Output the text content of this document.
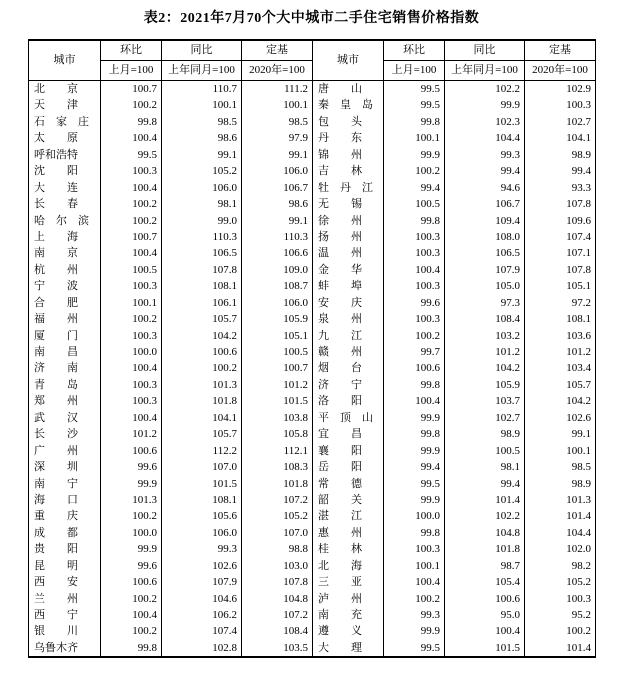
表2：2021年7月70个大中城市二手住宅销售价格指数
城市	环比	同比	定基	城市	环比	同比	定基
	上月=100	上年同月=100	2020年=100		上月=100	上年同月=100	2020年=100
北　　京	100.7	110.7	111.2	唐　　山	99.5	102.2	102.9
天　　津	100.2	100.1	100.1	秦　皇　岛	99.5	99.9	100.3
石　家　庄	99.8	98.5	98.5	包　　头	99.8	102.3	102.7
太　　原	100.4	98.6	97.9	丹　　东	100.1	104.4	104.1
呼和浩特	99.5	99.1	99.1	锦　　州	99.9	99.3	98.9
沈　　阳	100.3	105.2	106.0	吉　　林	100.2	99.4	99.4
大　　连	100.4	106.0	106.7	牡　丹　江	99.4	94.6	93.3
长　　春	100.2	98.1	98.6	无　　锡	100.5	106.7	107.8
哈　尔　滨	100.2	99.0	99.1	徐　　州	99.8	109.4	109.6
上　　海	100.7	110.3	110.3	扬　　州	100.3	108.0	107.4
南　　京	100.4	106.5	106.6	温　　州	100.3	106.5	107.1
杭　　州	100.5	107.8	109.0	金　　华	100.4	107.9	107.8
宁　　波	100.3	108.1	108.7	蚌　　埠	100.3	105.0	105.1
合　　肥	100.1	106.1	106.0	安　　庆	99.6	97.3	97.2
福　　州	100.2	105.7	105.9	泉　　州	100.3	108.4	108.1
厦　　门	100.3	104.2	105.1	九　　江	100.2	103.2	103.6
南　　昌	100.0	100.6	100.5	赣　　州	99.7	101.2	101.2
济　　南	100.4	100.2	100.7	烟　　台	100.6	104.2	103.4
青　　岛	100.3	101.3	101.2	济　　宁	99.8	105.9	105.7
郑　　州	100.3	101.8	101.5	洛　　阳	100.4	103.7	104.2
武　　汉	100.4	104.1	103.8	平　顶　山	99.9	102.7	102.6
长　　沙	101.2	105.7	105.8	宜　　昌	99.8	98.9	99.1
广　　州	100.6	112.2	112.1	襄　　阳	99.9	100.5	100.1
深　　圳	99.6	107.0	108.3	岳　　阳	99.4	98.1	98.5
南　　宁	99.9	101.5	101.8	常　　德	99.5	99.4	98.9
海　　口	101.3	108.1	107.2	韶　　关	99.9	101.4	101.3
重　　庆	100.2	105.6	105.2	湛　　江	100.0	102.2	101.4
成　　都	100.0	106.0	107.0	惠　　州	99.8	104.8	104.4
贵　　阳	99.9	99.3	98.8	桂　　林	100.3	101.8	102.0
昆　　明	99.6	102.6	103.0	北　　海	100.1	98.7	98.2
西　　安	100.6	107.9	107.8	三　　亚	100.4	105.4	105.2
兰　　州	100.2	104.6	104.8	泸　　州	100.2	100.6	100.3
西　　宁	100.4	106.2	107.2	南　　充	99.3	95.0	95.2
银　　川	100.2	107.4	108.4	遵　　义	99.9	100.4	100.2
乌鲁木齐	99.8	102.8	103.5	大　　理	99.5	101.5	101.4
